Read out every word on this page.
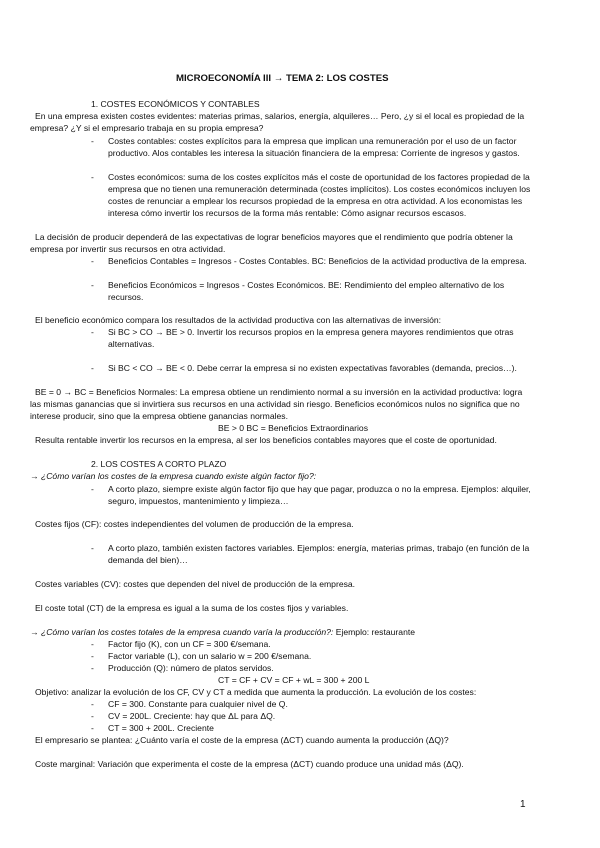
MICROECONOMÍA III → TEMA 2: LOS COSTES
1. COSTES ECONÓMICOS Y CONTABLES
En una empresa existen costes evidentes: materias primas, salarios, energía, alquileres… Pero, ¿y si el local es propiedad de la
empresa? ¿Y si el empresario trabaja en su propia empresa?
- Costes contables: costes explícitos para la empresa que implican una remuneración por el uso de un factor
productivo. Alos contables les interesa la situación financiera de la empresa: Corriente de ingresos y gastos.
- Costes económicos: suma de los costes explícitos más el coste de oportunidad de los factores propiedad de la
empresa que no tienen una remuneración determinada (costes implícitos). Los costes económicos incluyen los
costes de renunciar a emplear los recursos propiedad de la empresa en otra actividad. A los economistas les
interesa cómo invertir los recursos de la forma más rentable: Cómo asignar recursos escasos.
La decisión de producir dependerá de las expectativas de lograr beneficios mayores que el rendimiento que podría obtener la
empresa por invertir sus recursos en otra actividad.
- Beneficios Contables = Ingresos - Costes Contables. BC: Beneficios de la actividad productiva de la empresa.
- Beneficios Económicos = Ingresos - Costes Económicos. BE: Rendimiento del empleo alternativo de los
recursos.
El beneficio económico compara los resultados de la actividad productiva con las alternativas de inversión:
- Si BC > CO → BE > 0. Invertir los recursos propios en la empresa genera mayores rendimientos que otras
alternativas.
- Si BC < CO → BE < 0. Debe cerrar la empresa si no existen expectativas favorables (demanda, precios…).
BE = 0 → BC = Beneficios Normales: La empresa obtiene un rendimiento normal a su inversión en la actividad productiva: logra
las mismas ganancias que si invirtiera sus recursos en una actividad sin riesgo. Beneficios económicos nulos no significa que no
interese producir, sino que la empresa obtiene ganancias normales.
BE > 0 BC = Beneficios Extraordinarios
Resulta rentable invertir los recursos en la empresa, al ser los beneficios contables mayores que el coste de oportunidad.
2. LOS COSTES A CORTO PLAZO
→ ¿Cómo varían los costes de la empresa cuando existe algún factor fijo?:
- A corto plazo, siempre existe algún factor fijo que hay que pagar, produzca o no la empresa. Ejemplos: alquiler,
seguro, impuestos, mantenimiento y limpieza…
Costes fijos (CF): costes independientes del volumen de producción de la empresa.
- A corto plazo, también existen factores variables. Ejemplos: energía, materias primas, trabajo (en función de la
demanda del bien)…
Costes variables (CV): costes que dependen del nivel de producción de la empresa.
El coste total (CT) de la empresa es igual a la suma de los costes fijos y variables.
→ ¿Cómo varían los costes totales de la empresa cuando varía la producción?: Ejemplo: restaurante
- Factor fijo (K), con un CF = 300 €/semana.
- Factor variable (L), con un salario w = 200 €/semana.
- Producción (Q): número de platos servidos.
CT = CF + CV = CF + wL = 300 + 200 L
Objetivo: analizar la evolución de los CF, CV y CT a medida que aumenta la producción. La evolución de los costes:
- CF = 300. Constante para cualquier nivel de Q.
- CV = 200L. Creciente: hay que ΔL para ΔQ.
- CT = 300 + 200L. Creciente
El empresario se plantea: ¿Cuánto varía el coste de la empresa (ΔCT) cuando aumenta la producción (ΔQ)?
Coste marginal: Variación que experimenta el coste de la empresa (ΔCT) cuando produce una unidad más (ΔQ).
1
